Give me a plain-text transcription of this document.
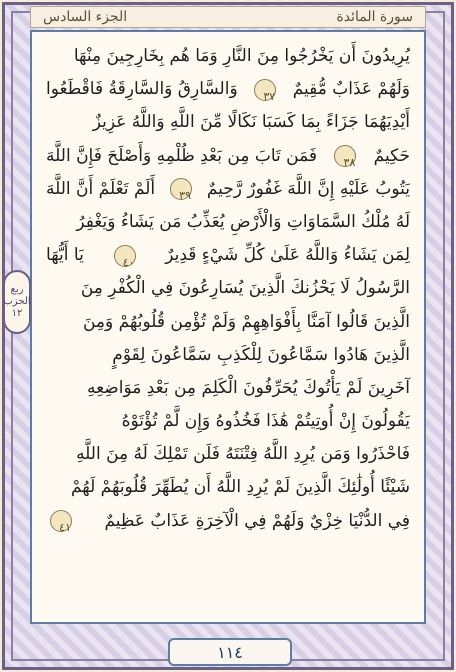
الجزء السادس	سورة المائدة
ربع
الحزب
١٢
يُرِيدُونَ أَن يَخْرُجُوا مِنَ النَّارِ وَمَا هُم بِخَارِجِينَ مِنْهَا
وَلَهُمْ عَذَابٌ مُّقِيمٌ
٣٧
وَالسَّارِقُ وَالسَّارِقَةُ فَاقْطَعُوا
أَيْدِيَهُمَا جَزَاءً بِمَا كَسَبَا نَكَالًا مِّنَ اللَّهِ وَاللَّهُ عَزِيزٌ
حَكِيمٌ
٣٨
فَمَن تَابَ مِن بَعْدِ ظُلْمِهِ وَأَصْلَحَ فَإِنَّ اللَّهَ
يَتُوبُ عَلَيْهِ إِنَّ اللَّهَ غَفُورٌ رَّحِيمٌ
٣٩
أَلَمْ تَعْلَمْ أَنَّ اللَّهَ
لَهُ مُلْكُ السَّمَاوَاتِ وَالْأَرْضِ يُعَذِّبُ مَن يَشَاءُ وَيَغْفِرُ
لِمَن يَشَاءُ وَاللَّهُ عَلَىٰ كُلِّ شَيْءٍ قَدِيرٌ
٤٠
يَا أَيُّهَا
الرَّسُولُ لَا يَحْزُنكَ الَّذِينَ يُسَارِعُونَ فِي الْكُفْرِ مِنَ
الَّذِينَ قَالُوا آمَنَّا بِأَفْوَاهِهِمْ وَلَمْ تُؤْمِن قُلُوبُهُمْ وَمِنَ
الَّذِينَ هَادُوا سَمَّاعُونَ لِلْكَذِبِ سَمَّاعُونَ لِقَوْمٍ
آخَرِينَ لَمْ يَأْتُوكَ يُحَرِّفُونَ الْكَلِمَ مِن بَعْدِ مَوَاضِعِهِ
يَقُولُونَ إِنْ أُوتِيتُمْ هَٰذَا فَخُذُوهُ وَإِن لَّمْ تُؤْتَوْهُ
فَاحْذَرُوا وَمَن يُرِدِ اللَّهُ فِتْنَتَهُ فَلَن تَمْلِكَ لَهُ مِنَ اللَّهِ
شَيْئًا أُولَٰئِكَ الَّذِينَ لَمْ يُرِدِ اللَّهُ أَن يُطَهِّرَ قُلُوبَهُمْ لَهُمْ
فِي الدُّنْيَا خِزْيٌ وَلَهُمْ فِي الْآخِرَةِ عَذَابٌ عَظِيمٌ
٤١
١١٤
